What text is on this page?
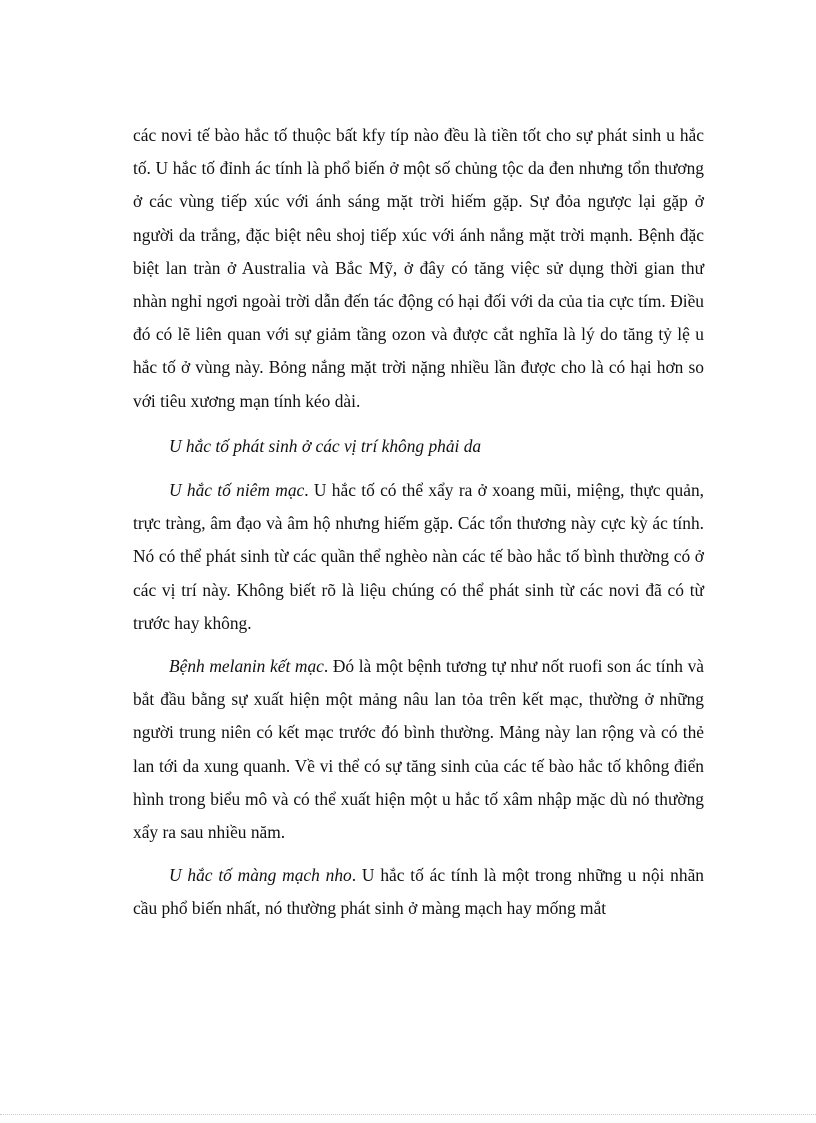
các novi tế bào hắc tố thuộc bất kfy típ nào đều là tiền tốt cho sự phát sinh u hắc tố. U hắc tố đỉnh ác tính là phổ biến ở một số chủng tộc da đen nhưng tổn thương ở các vùng tiếp xúc với ánh sáng mặt trời hiếm gặp. Sự đỏa ngược lại gặp ở người da trắng, đặc biệt nêu shoj tiếp xúc với ánh nắng mặt trời mạnh. Bệnh đặc biệt lan tràn ở Australia và Bắc Mỹ, ở đây có tăng việc sử dụng thời gian thư nhàn nghỉ ngơi ngoài trời dẫn đến tác động có hại đối với da của tia cực tím. Điều đó có lẽ liên quan với sự giảm tầng ozon và được cắt nghĩa là lý do tăng tỷ lệ u hắc tố ở vùng này. Bỏng nắng mặt trời nặng nhiều lần được cho là có hại hơn so với tiêu xương mạn tính kéo dài.

U hắc tố phát sinh ở các vị trí không phải da

U hắc tố niêm mạc. U hắc tố có thể xẩy ra ở xoang mũi, miệng, thực quản, trực tràng, âm đạo và âm hộ nhưng hiếm gặp. Các tổn thương này cực kỳ ác tính. Nó có thể phát sinh từ các quần thể nghèo nàn các tế bào hắc tố bình thường có ở các vị trí này. Không biết rõ là liệu chúng có thể phát sinh từ các novi đã có từ trước hay không.

Bệnh melanin kết mạc. Đó là một bệnh tương tự như nốt ruofi son ác tính và bắt đầu bằng sự xuất hiện một mảng nâu lan tỏa trên kết mạc, thường ở những người trung niên có kết mạc trước đó bình thường. Mảng này lan rộng và có thẻ lan tới da xung quanh. Về vi thể có sự tăng sinh của các tế bào hắc tố không điển hình trong biểu mô và có thể xuất hiện một u hắc tố xâm nhập mặc dù nó thường xẩy ra sau nhiều năm.

U hắc tố màng mạch nho. U hắc tố ác tính là một trong những u nội nhãn cầu phổ biến nhất, nó thường phát sinh ở màng mạch hay mống mắt
